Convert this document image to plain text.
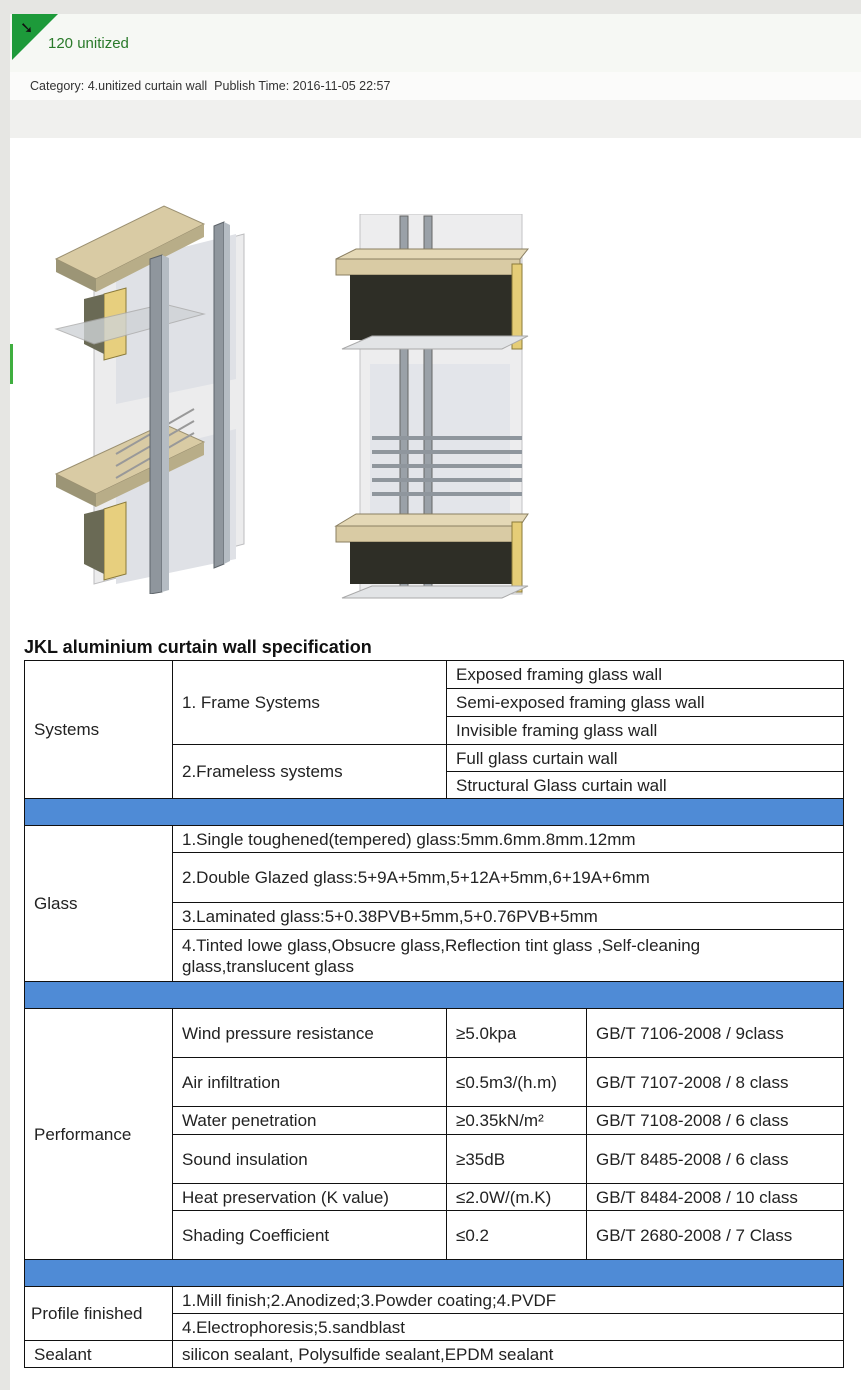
➘
120 unitized
Category: 4.unitized curtain wall Publish Time: 2016-11-05 22:57
JKL aluminium curtain wall specification
Systems	1. Frame Systems	Exposed framing glass wall	
		Semi-exposed framing glass wall	
		Invisible framing glass wall	
	2.Frameless systems	Full glass curtain wall	
		Structural Glass curtain wall	

Glass	1.Single toughened(tempered) glass:5mm.6mm.8mm.12mm		
	2.Double Glazed glass:5+9A+5mm,5+12A+5mm,6+19A+6mm		
	3.Laminated glass:5+0.38PVB+5mm,5+0.76PVB+5mm		
	4.Tinted lowe glass,Obsucre glass,Reflection tint glass ,Self-cleaning glass,translucent glass		

Performance	Wind pressure resistance	≥5.0kpa	GB/T 7106-2008 / 9class
	Air infiltration	≤0.5m3/(h.m)	GB/T 7107-2008 / 8 class
	Water penetration	≥0.35kN/m²	GB/T 7108-2008 / 6 class
	Sound insulation	≥35dB	GB/T 8485-2008 / 6 class
	Heat preservation (K value)	≤2.0W/(m.K)	GB/T 8484-2008 / 10 class
	Shading Coefficient	≤0.2	GB/T 2680-2008 / 7 Class

Profile finished	1.Mill finish;2.Anodized;3.Powder coating;4.PVDF		
	4.Electrophoresis;5.sandblast		
Sealant	silicon sealant, Polysulfide sealant,EPDM sealant		
